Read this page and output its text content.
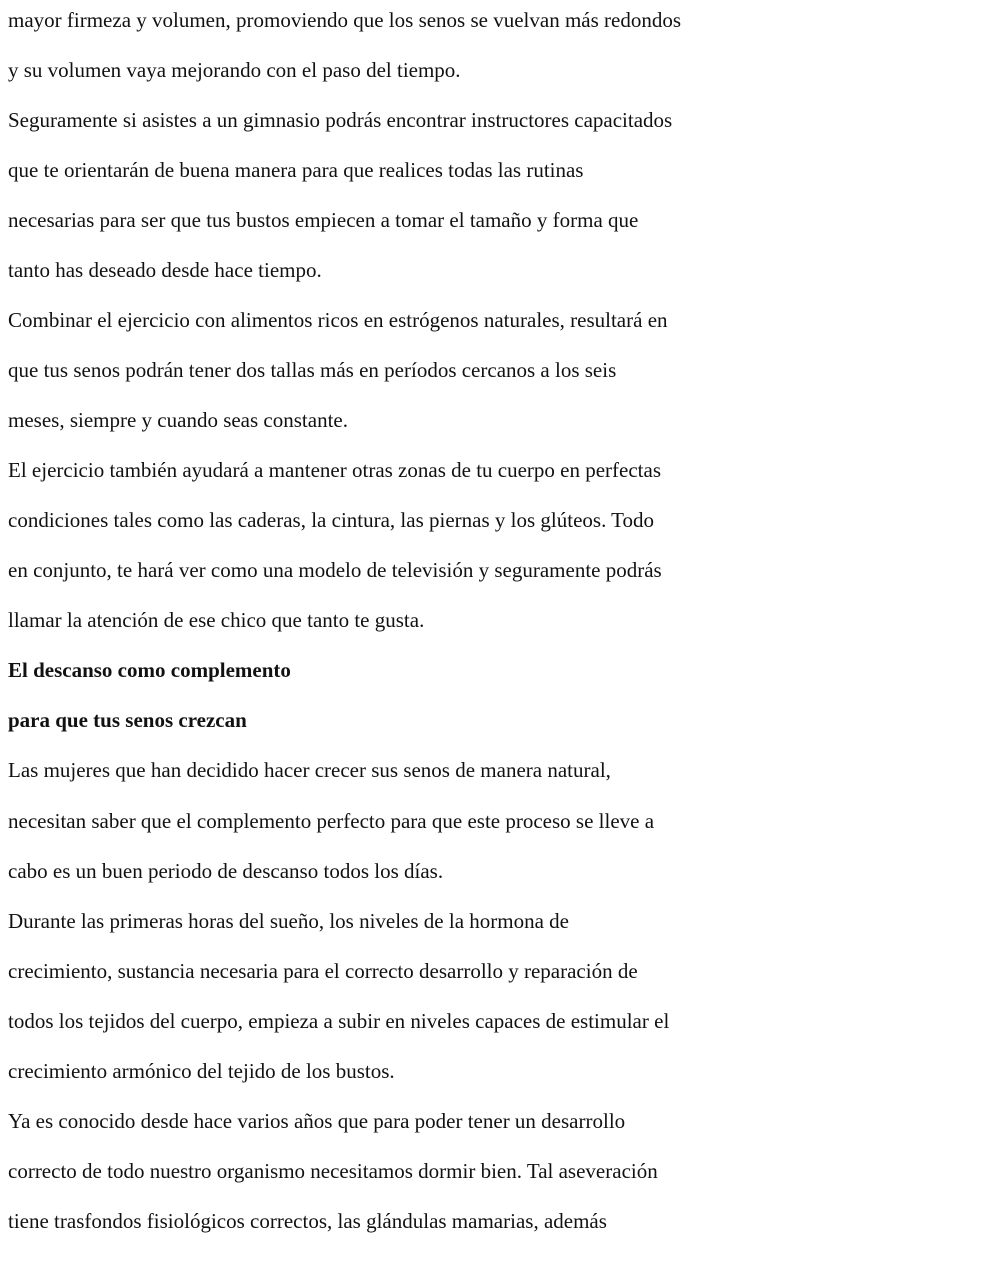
mayor firmeza y volumen, promoviendo que los senos se vuelvan más redondos
y su volumen vaya mejorando con el paso del tiempo.
Seguramente si asistes a un gimnasio podrás encontrar instructores capacitados
que te orientarán de buena manera para que realices todas las rutinas
necesarias para ser que tus bustos empiecen a tomar el tamaño y forma que
tanto has deseado desde hace tiempo.
Combinar el ejercicio con alimentos ricos en estrógenos naturales, resultará en
que tus senos podrán tener dos tallas más en períodos cercanos a los seis
meses, siempre y cuando seas constante.
El ejercicio también ayudará a mantener otras zonas de tu cuerpo en perfectas
condiciones tales como las caderas, la cintura, las piernas y los glúteos. Todo
en conjunto, te hará ver como una modelo de televisión y seguramente podrás
llamar la atención de ese chico que tanto te gusta.
El descanso como complemento
para que tus senos crezcan
Las mujeres que han decidido hacer crecer sus senos de manera natural,
necesitan saber que el complemento perfecto para que este proceso se lleve a
cabo es un buen periodo de descanso todos los días.
Durante las primeras horas del sueño, los niveles de la hormona de
crecimiento, sustancia necesaria para el correcto desarrollo y reparación de
todos los tejidos del cuerpo, empieza a subir en niveles capaces de estimular el
crecimiento armónico del tejido de los bustos.
Ya es conocido desde hace varios años que para poder tener un desarrollo
correcto de todo nuestro organismo necesitamos dormir bien. Tal aseveración
tiene trasfondos fisiológicos correctos, las glándulas mamarias, además
